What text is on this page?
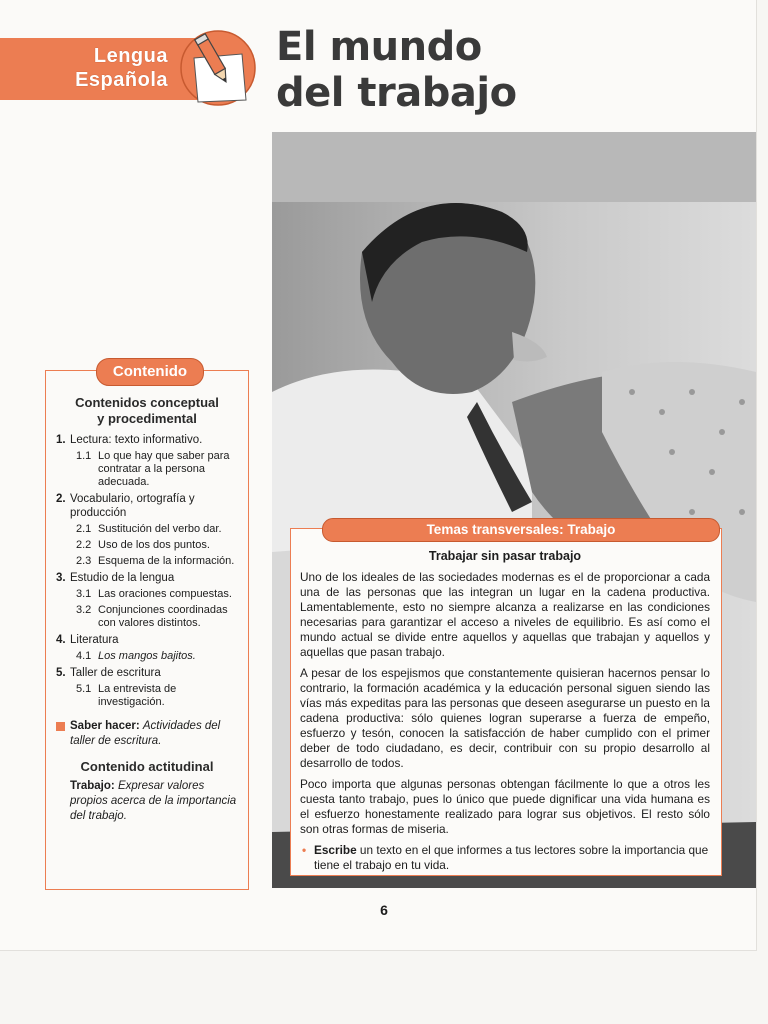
Lengua
Española
El mundo
del trabajo
Contenidos conceptual
y procedimental
1. Lectura: texto informativo.
1.1 Lo que hay que saber para contratar a la persona adecuada.
2. Vocabulario, ortografía y producción
2.1 Sustitución del verbo dar.
2.2 Uso de los dos puntos.
2.3 Esquema de la información.
3. Estudio de la lengua
3.1 Las oraciones compuestas.
3.2 Conjunciones coordinadas con valores distintos.
4. Literatura
4.1 Los mangos bajitos.
5. Taller de escritura
5.1 La entrevista de investigación.
Saber hacer: Actividades del taller de escritura.
Contenido actitudinal
Trabajo: Expresar valores propios acerca de la importancia del trabajo.
Contenido
Trabajar sin pasar trabajo

Uno de los ideales de las sociedades modernas es el de proporcionar a cada una de las personas que las integran un lugar en la cadena productiva. Lamentablemente, esto no siempre alcanza a realizarse en las condiciones necesarias para garantizar el acceso a niveles de equilibrio. Es así como el mundo actual se divide entre aquellos y aquellas que trabajan y aquellos y aquellas que pasan trabajo.

A pesar de los espejismos que constantemente quisieran hacernos pensar lo contrario, la formación académica y la educación personal siguen siendo las vías más expeditas para las personas que deseen asegurarse un puesto en la cadena productiva: sólo quienes logran superarse a fuerza de empeño, esfuerzo y tesón, conocen la satisfacción de haber cumplido con el primer deber de todo ciudadano, es decir, contribuir con su propio desarrollo al desarrollo de todos.

Poco importa que algunas personas obtengan fácilmente lo que a otros les cuesta tanto trabajo, pues lo único que puede dignificar una vida humana es el esfuerzo honestamente realizado para lograr sus objetivos. El resto sólo son otras formas de miseria.

• Escribe un texto en el que informes a tus lectores sobre la importancia que tiene el trabajo en tu vida.
Temas transversales: Trabajo
6
